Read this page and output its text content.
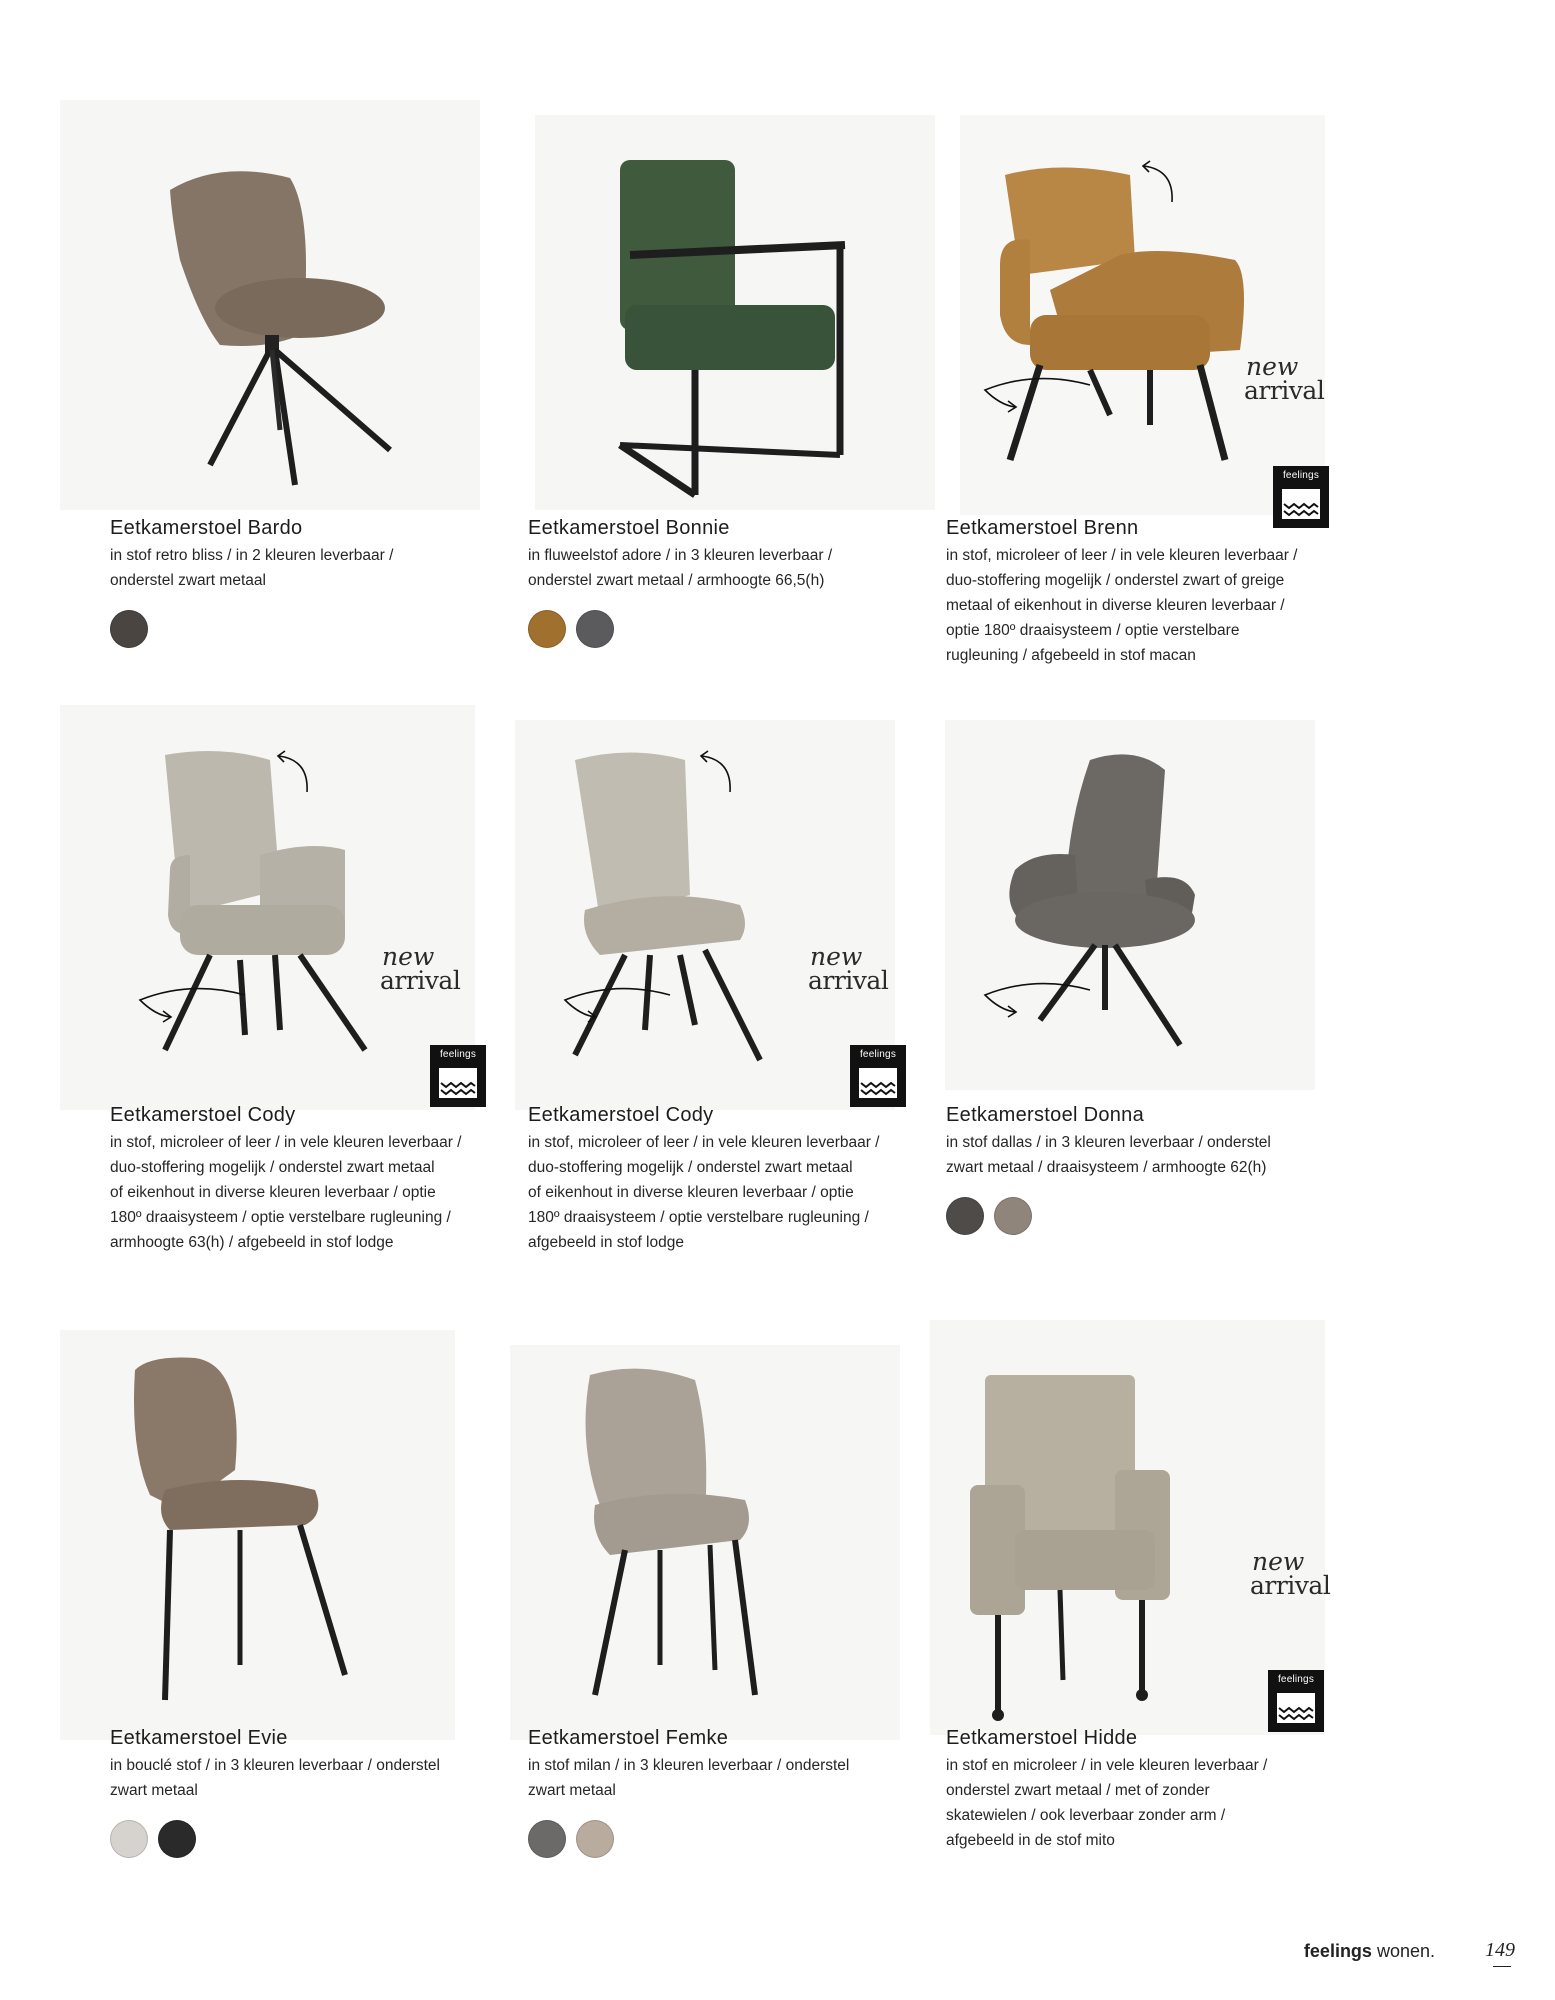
new
arrival
new
arrival
new
arrival
new
arrival
feelings
feelings	feelings
feelings
Eetkamerstoel Bardo
in stof retro bliss / in 2 kleuren leverbaar /
onderstel zwart metaal
Eetkamerstoel Bonnie
in fluweelstof adore / in 3 kleuren leverbaar /
onderstel zwart metaal / armhoogte 66,5(h)
Eetkamerstoel Brenn
in stof, microleer of leer / in vele kleuren leverbaar /
duo-stoffering mogelijk / onderstel zwart of greige
metaal of eikenhout in diverse kleuren leverbaar /
optie 180º draaisysteem / optie verstelbare
rugleuning / afgebeeld in stof macan
Eetkamerstoel Cody
in stof, microleer of leer / in vele kleuren leverbaar /
duo-stoffering mogelijk / onderstel zwart metaal
of eikenhout in diverse kleuren leverbaar / optie
180º draaisysteem / optie verstelbare rugleuning /
armhoogte 63(h) / afgebeeld in stof lodge
Eetkamerstoel Cody
in stof, microleer of leer / in vele kleuren leverbaar /
duo-stoffering mogelijk / onderstel zwart metaal
of eikenhout in diverse kleuren leverbaar / optie
180º draaisysteem / optie verstelbare rugleuning /
afgebeeld in stof lodge
Eetkamerstoel Donna
in stof dallas / in 3 kleuren leverbaar / onderstel
zwart metaal / draaisysteem / armhoogte 62(h)
Eetkamerstoel Evie
in bouclé stof / in 3 kleuren leverbaar / onderstel
zwart metaal
Eetkamerstoel Femke
in stof milan / in 3 kleuren leverbaar / onderstel
zwart metaal
Eetkamerstoel Hidde
in stof en microleer / in vele kleuren leverbaar /
onderstel zwart metaal / met of zonder
skatewielen / ook leverbaar zonder arm /
afgebeeld in de stof mito
feelings wonen.	149
